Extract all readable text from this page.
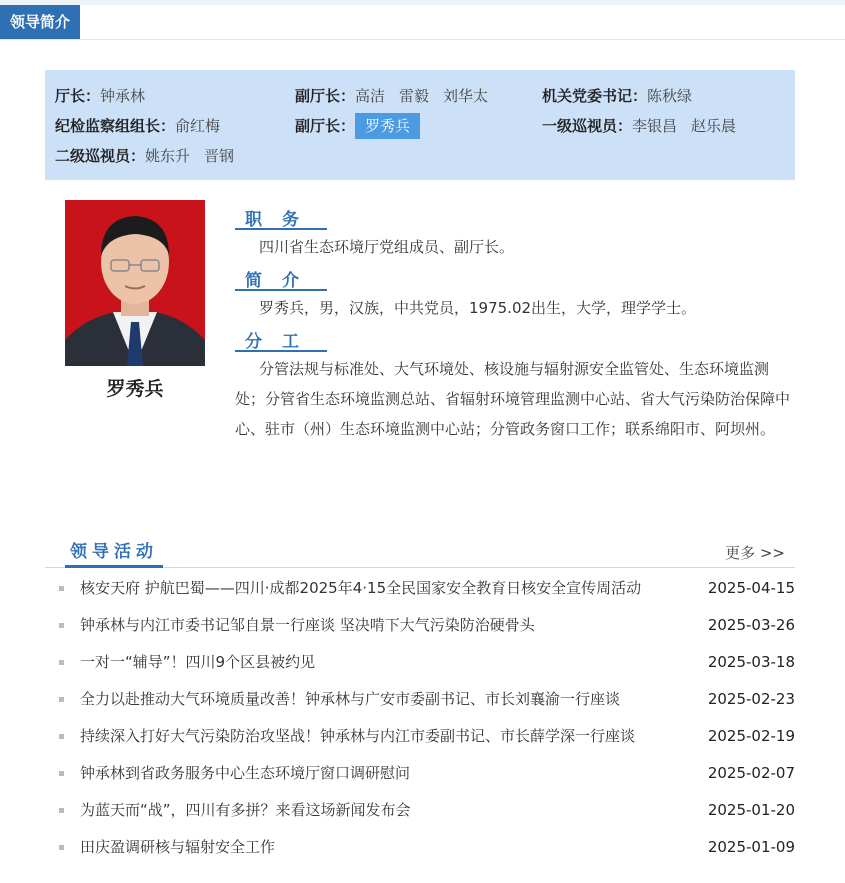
领导简介
厅长：钟承林	副厅长：高洁 雷毅 刘华太	机关党委书记：陈秋绿
纪检监察组组长：俞红梅	副厅长： 罗秀兵	一级巡视员：李银昌 赵乐晨
二级巡视员：姚东升 晋钢
罗秀兵
职务
四川省生态环境厅党组成员、副厅长。
简介
罗秀兵，男，汉族，中共党员，1975.02出生，大学，理学学士。
分工
分管法规与标准处、大气环境处、核设施与辐射源安全监管处、生态环境监测处；分管省生态环境监测总站、省辐射环境管理监测中心站、省大气污染防治保障中心、驻市（州）生态环境监测中心站；分管政务窗口工作；联系绵阳市、阿坝州。
领导活动	更多 >>
核安天府 护航巴蜀——四川·成都2025年4·15全民国家安全教育日核安全宣传周活动	2025-04-15
钟承林与内江市委书记邹自景一行座谈 坚决啃下大气污染防治硬骨头	2025-03-26
一对一“辅导”！四川9个区县被约见	2025-03-18
全力以赴推动大气环境质量改善！钟承林与广安市委副书记、市长刘襄渝一行座谈	2025-02-23
持续深入打好大气污染防治攻坚战！钟承林与内江市委副书记、市长薛学深一行座谈	2025-02-19
钟承林到省政务服务中心生态环境厅窗口调研慰问	2025-02-07
为蓝天而“战”，四川有多拼？来看这场新闻发布会	2025-01-20
田庆盈调研核与辐射安全工作	2025-01-09
